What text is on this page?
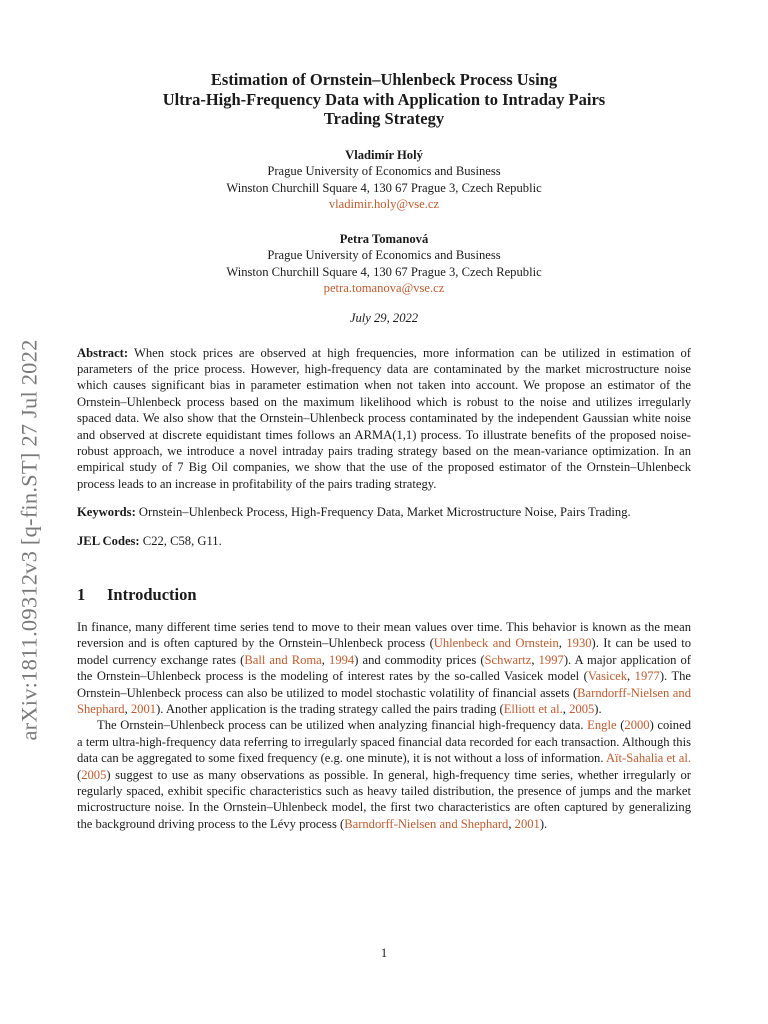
arXiv:1811.09312v3 [q-fin.ST] 27 Jul 2022
Estimation of Ornstein–Uhlenbeck Process Using
Ultra-High-Frequency Data with Application to Intraday Pairs
Trading Strategy
Vladimír Holý
Prague University of Economics and Business
Winston Churchill Square 4, 130 67 Prague 3, Czech Republic
vladimir.holy@vse.cz
Petra Tomanová
Prague University of Economics and Business
Winston Churchill Square 4, 130 67 Prague 3, Czech Republic
petra.tomanova@vse.cz
July 29, 2022

Abstract: When stock prices are observed at high frequencies, more information can be utilized in estimation of parameters of the price process. However, high-frequency data are contaminated by the market microstructure noise which causes significant bias in parameter estimation when not taken into account. We propose an estimator of the Ornstein–Uhlenbeck process based on the maximum likelihood which is robust to the noise and utilizes irregularly spaced data. We also show that the Ornstein–Uhlenbeck process contaminated by the independent Gaussian white noise and observed at discrete equidistant times follows an ARMA(1,1) process. To illustrate benefits of the proposed noise-robust approach, we introduce a novel intraday pairs trading strategy based on the mean-variance optimization. In an empirical study of 7 Big Oil companies, we show that the use of the proposed estimator of the Ornstein–Uhlenbeck process leads to an increase in profitability of the pairs trading strategy.

Keywords: Ornstein–Uhlenbeck Process, High-Frequency Data, Market Microstructure Noise, Pairs Trading.

JEL Codes: C22, C58, G11.

1 Introduction

In finance, many different time series tend to move to their mean values over time. This behavior is known as the mean reversion and is often captured by the Ornstein–Uhlenbeck process (Uhlenbeck and Ornstein, 1930). It can be used to model currency exchange rates (Ball and Roma, 1994) and commodity prices (Schwartz, 1997). A major application of the Ornstein–Uhlenbeck process is the modeling of interest rates by the so-called Vasicek model (Vasicek, 1977). The Ornstein–Uhlenbeck process can also be utilized to model stochastic volatility of financial assets (Barndorff-Nielsen and Shephard, 2001). Another application is the trading strategy called the pairs trading (Elliott et al., 2005).

The Ornstein–Uhlenbeck process can be utilized when analyzing financial high-frequency data. Engle (2000) coined a term ultra-high-frequency data referring to irregularly spaced financial data recorded for each transaction. Although this data can be aggregated to some fixed frequency (e.g. one minute), it is not without a loss of information. Aït-Sahalia et al. (2005) suggest to use as many observations as possible. In general, high-frequency time series, whether irregularly or regularly spaced, exhibit specific characteristics such as heavy tailed distribution, the presence of jumps and the market microstructure noise. In the Ornstein–Uhlenbeck model, the first two characteristics are often captured by generalizing the background driving process to the Lévy process (Barndorff-Nielsen and Shephard, 2001).

1
